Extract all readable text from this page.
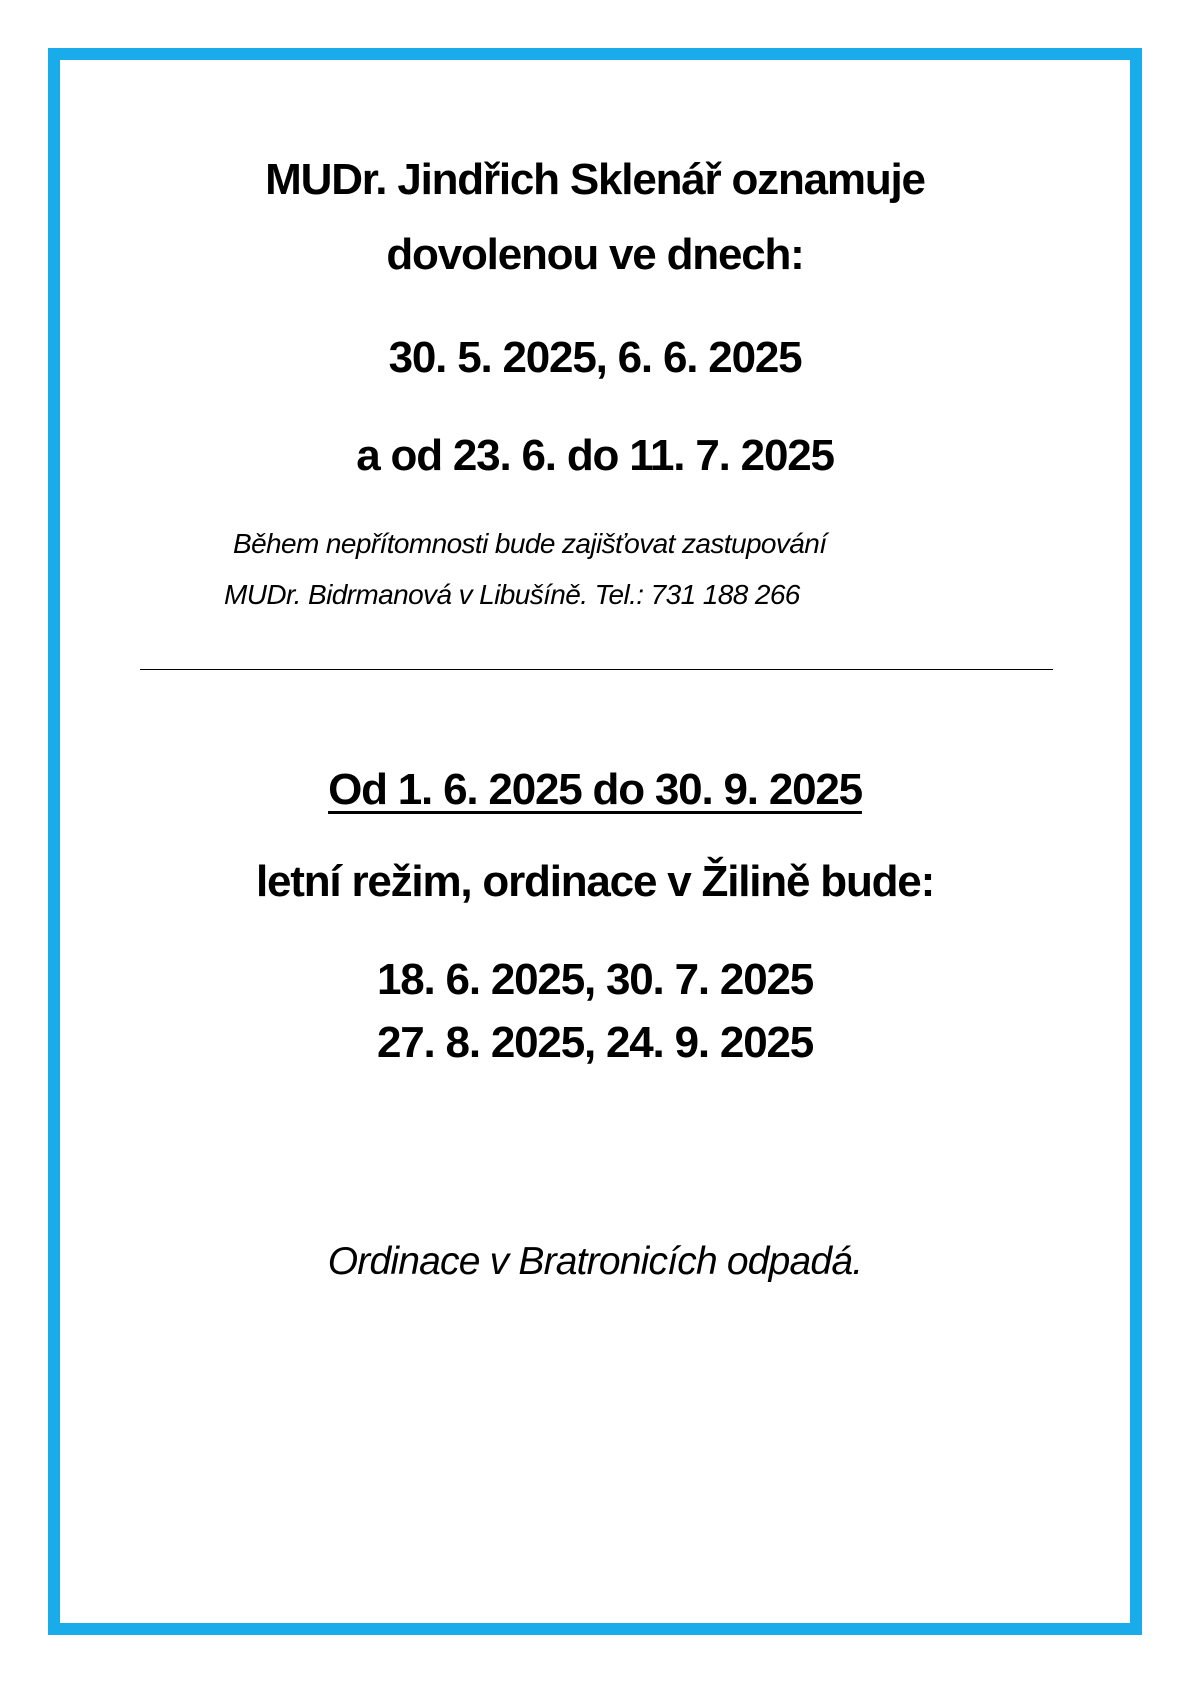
MUDr. Jindřich Sklenář oznamuje
dovolenou ve dnech:
30. 5. 2025, 6. 6. 2025
a od 23. 6. do 11. 7. 2025
Během nepřítomnosti bude zajišťovat zastupování
MUDr. Bidrmanová v Libušíně. Tel.: 731 188 266
Od 1. 6. 2025 do 30. 9. 2025
letní režim, ordinace v Žilině bude:
18. 6. 2025, 30. 7. 2025
27. 8. 2025, 24. 9. 2025
Ordinace v Bratronicích odpadá.
